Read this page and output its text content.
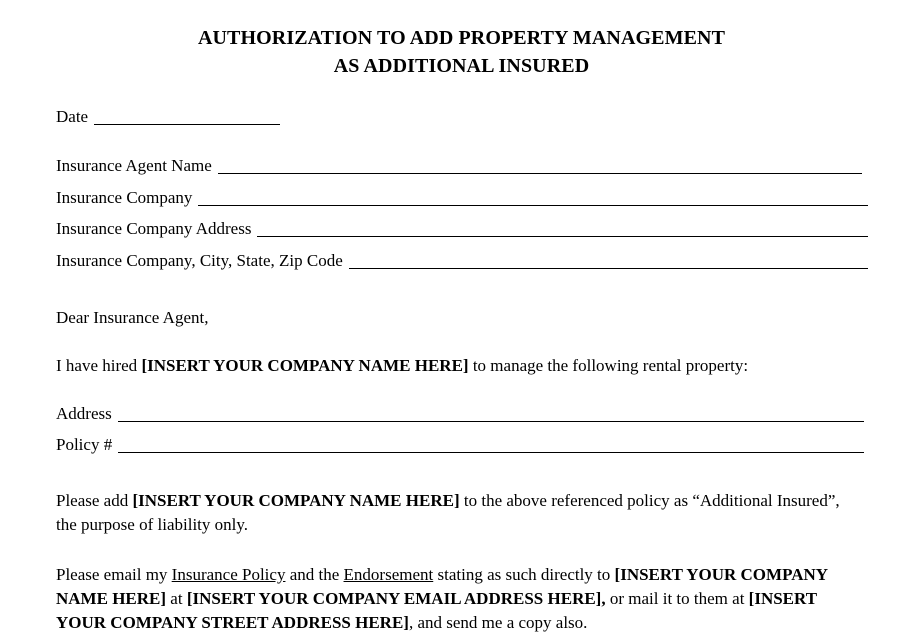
AUTHORIZATION TO ADD PROPERTY MANAGEMENT
AS ADDITIONAL INSURED
Date
Insurance Agent Name
Insurance Company
Insurance Company Address
Insurance Company, City, State, Zip Code
Dear Insurance Agent,
I have hired [INSERT YOUR COMPANY NAME HERE] to manage the following rental property:
Address
Policy #
Please add [INSERT YOUR COMPANY NAME HERE] to the above referenced policy as “Additional Insured”, the purpose of liability only.
Please email my Insurance Policy and the Endorsement stating as such directly to [INSERT YOUR COMPANY NAME HERE] at [INSERT YOUR COMPANY EMAIL ADDRESS HERE], or mail it to them at [INSERT YOUR COMPANY STREET ADDRESS HERE], and send me a copy also.
